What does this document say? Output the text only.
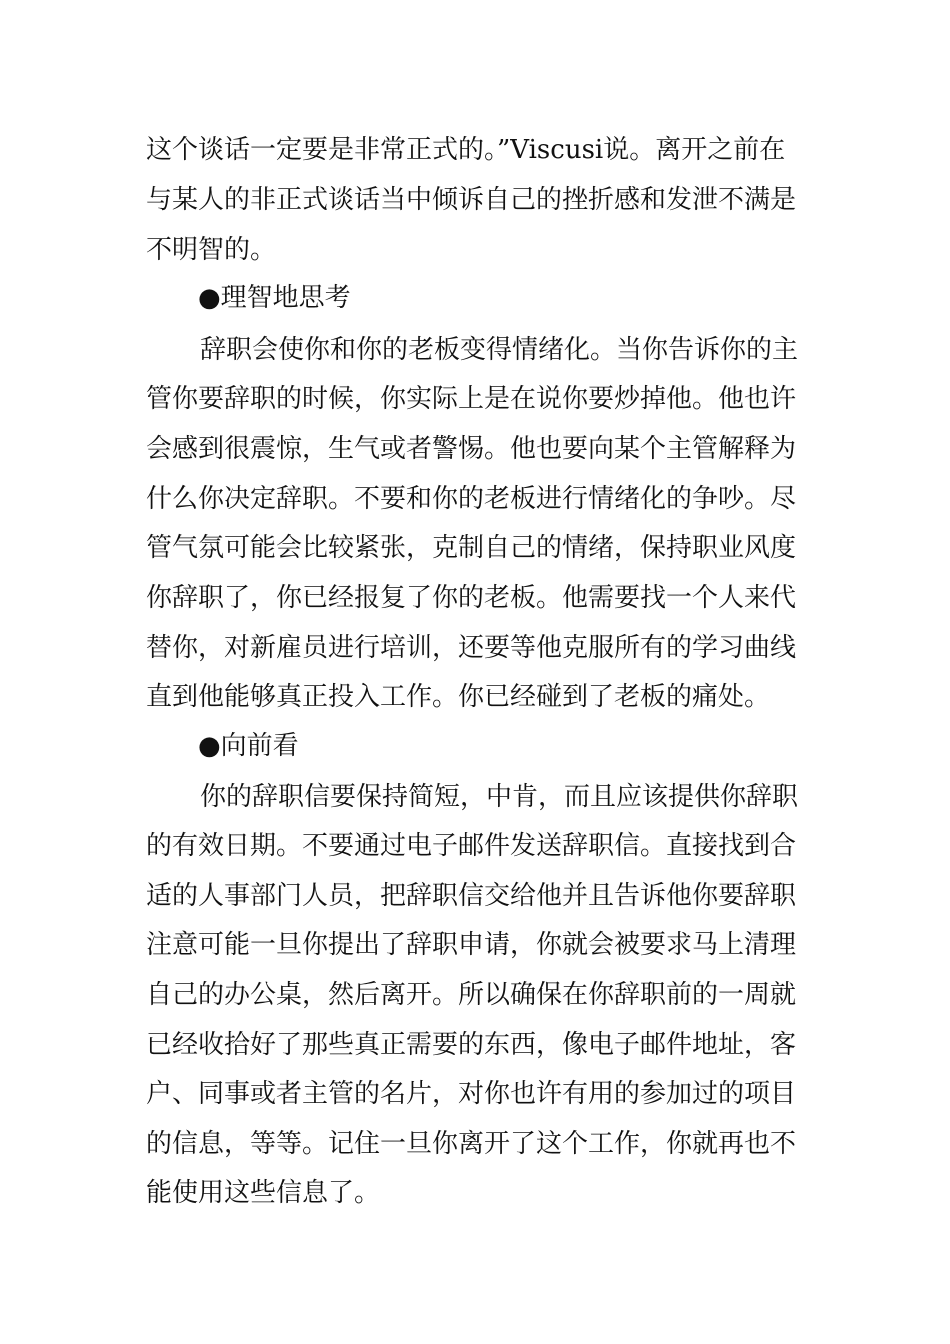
这个谈话一定要是非常正式的。”Viscusi说。离开之前在
与某人的非正式谈话当中倾诉自己的挫折感和发泄不满是
不明智的。
●理智地思考
辞职会使你和你的老板变得情绪化。当你告诉你的主
管你要辞职的时候，你实际上是在说你要炒掉他。他也许
会感到很震惊，生气或者警惕。他也要向某个主管解释为
什么你决定辞职。不要和你的老板进行情绪化的争吵。尽
管气氛可能会比较紧张，克制自己的情绪，保持职业风度
你辞职了，你已经报复了你的老板。他需要找一个人来代
替你，对新雇员进行培训，还要等他克服所有的学习曲线
直到他能够真正投入工作。你已经碰到了老板的痛处。
●向前看
你的辞职信要保持简短，中肯，而且应该提供你辞职
的有效日期。不要通过电子邮件发送辞职信。直接找到合
适的人事部门人员，把辞职信交给他并且告诉他你要辞职
注意可能一旦你提出了辞职申请，你就会被要求马上清理
自己的办公桌，然后离开。所以确保在你辞职前的一周就
已经收拾好了那些真正需要的东西，像电子邮件地址，客
户、同事或者主管的名片，对你也许有用的参加过的项目
的信息，等等。记住一旦你离开了这个工作，你就再也不
能使用这些信息了。
